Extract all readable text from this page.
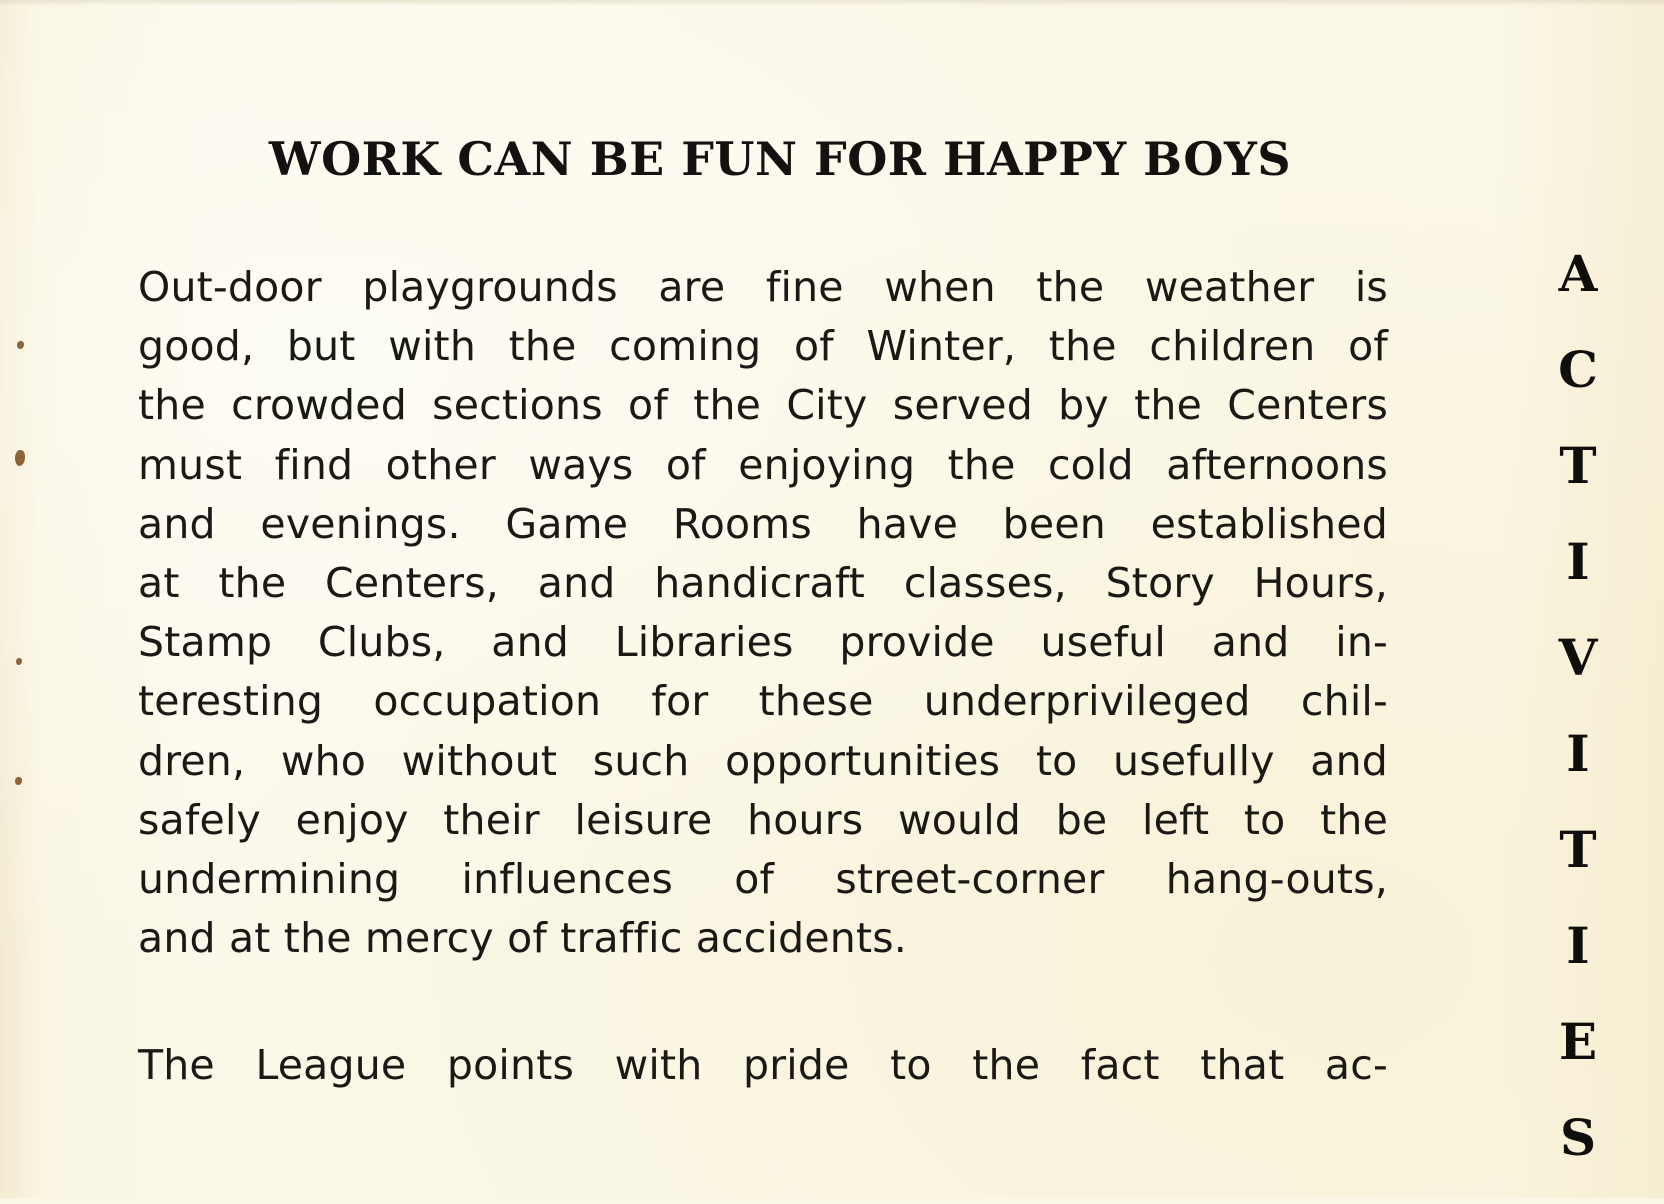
WORK CAN BE FUN FOR HAPPY BOYS
Out-door playgrounds are fine when the weather is
good, but with the coming of Winter, the children of
the crowded sections of the City served by the Centers
must find other ways of enjoying the cold afternoons
and evenings. Game Rooms have been established
at the Centers, and handicraft classes, Story Hours,
Stamp Clubs, and Libraries provide useful and in-
teresting occupation for these underprivileged chil-
dren, who without such opportunities to usefully and
safely enjoy their leisure hours would be left to the
undermining influences of street-corner hang-outs,
and at the mercy of traffic accidents.
The League points with pride to the fact that ac-
A
C
T
I
V
I
T
I
E
S
